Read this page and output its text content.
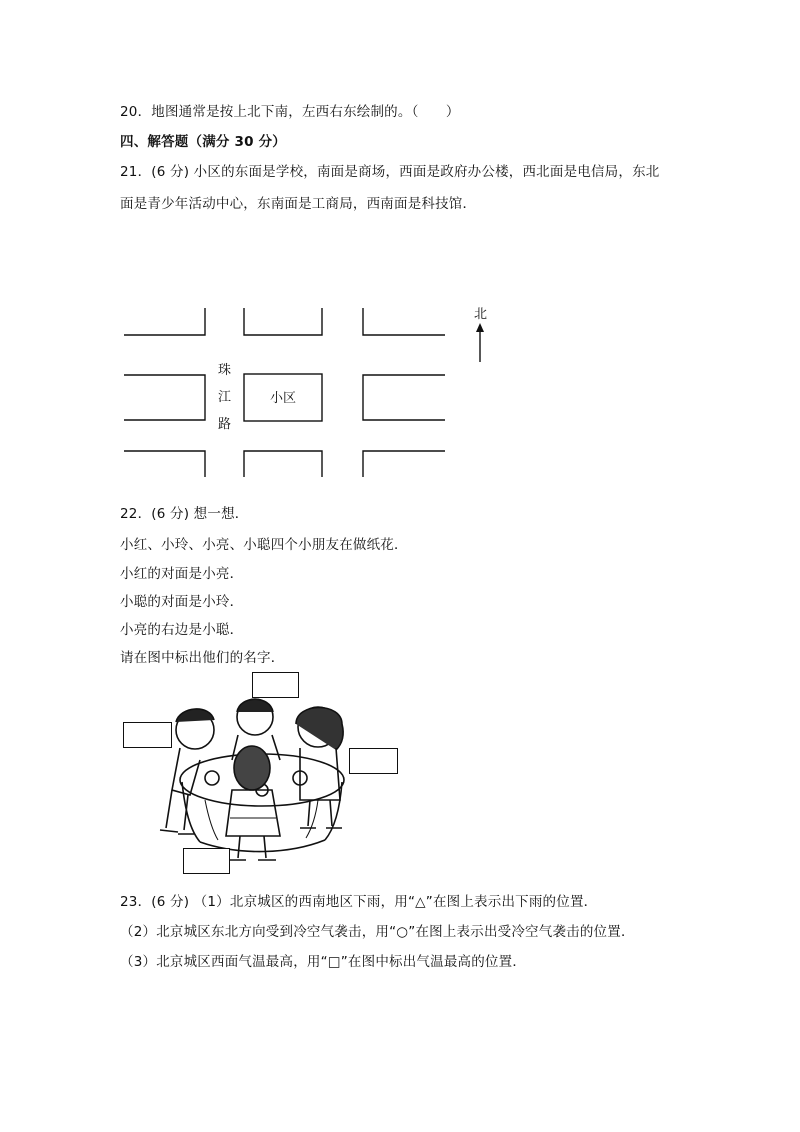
20．地图通常是按上北下南，左西右东绘制的。（　　）
四、解答题（满分 30 分）
21．(6 分) 小区的东面是学校，南面是商场，西面是政府办公楼，西北面是电信局，东北
面是青少年活动中心，东南面是工商局，西南面是科技馆．
北
珠
江
路
小区
22．(6 分) 想一想．
小红、小玲、小亮、小聪四个小朋友在做纸花．
小红的对面是小亮．
小聪的对面是小玲．
小亮的右边是小聪．
请在图中标出他们的名字．
23．(6 分) （1）北京城区的西南地区下雨，用“△”在图上表示出下雨的位置．
（2）北京城区东北方向受到冷空气袭击，用“○”在图上表示出受冷空气袭击的位置．
（3）北京城区西面气温最高，用“□”在图中标出气温最高的位置．
